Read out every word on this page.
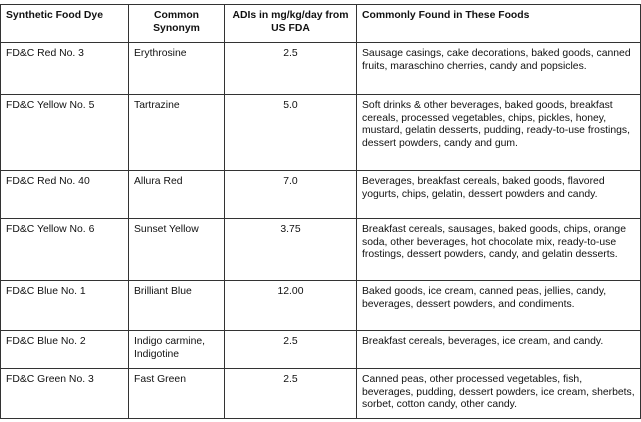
Synthetic Food Dye	Common Synonym	ADIs in mg/kg/day from US FDA	Commonly Found in These Foods
FD&C Red No. 3	Erythrosine	2.5	Sausage casings, cake decorations, baked goods, canned fruits, maraschino cherries, candy and popsicles.
FD&C Yellow No. 5	Tartrazine	5.0	Soft drinks & other beverages, baked goods, breakfast cereals, processed vegetables, chips, pickles, honey, mustard, gelatin desserts, pudding, ready-to-use frostings, dessert powders, candy and gum.
FD&C Red No. 40	Allura Red	7.0	Beverages, breakfast cereals, baked goods, flavored yogurts, chips, gelatin, dessert powders and candy.
FD&C Yellow No. 6	Sunset Yellow	3.75	Breakfast cereals, sausages, baked goods, chips, orange soda, other beverages, hot chocolate mix, ready-to-use frostings, dessert powders, candy, and gelatin desserts.
FD&C Blue No. 1	Brilliant Blue	12.00	Baked goods, ice cream, canned peas, jellies, candy, beverages, dessert powders, and condiments.
FD&C Blue No. 2	Indigo carmine, Indigotine	2.5	Breakfast cereals, beverages, ice cream, and candy.
FD&C Green No. 3	Fast Green	2.5	Canned peas, other processed vegetables, fish, beverages, pudding, dessert powders, ice cream, sherbets, sorbet, cotton candy, other candy.
